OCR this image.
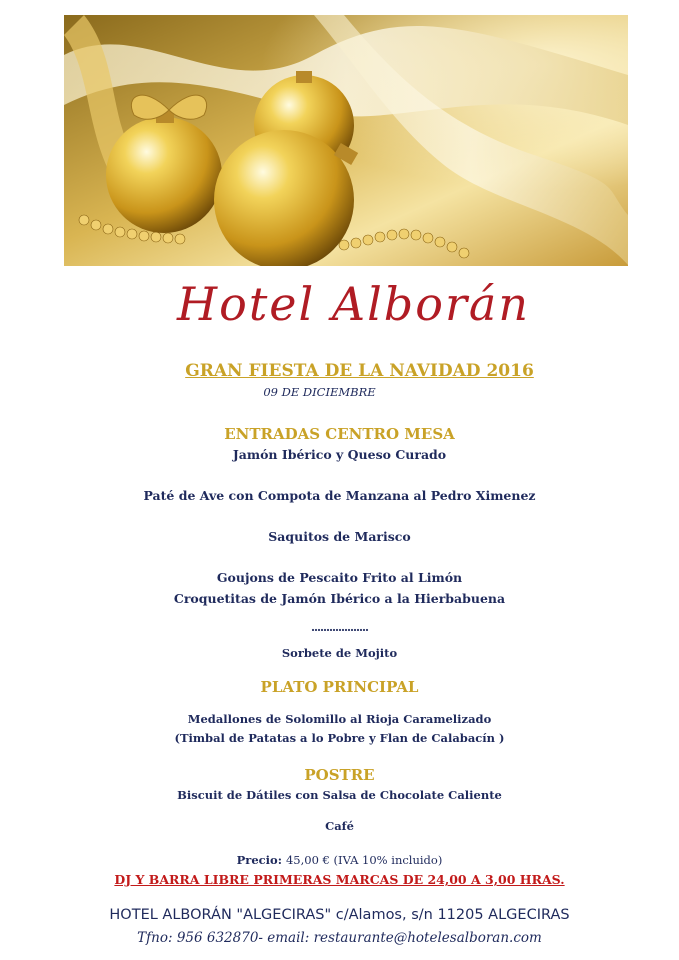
Hotel Alborán
GRAN FIESTA DE LA NAVIDAD 2016
09 DE DICIEMBRE
ENTRADAS CENTRO MESA
Jamón Ibérico y Queso Curado
Paté de Ave con Compota de Manzana al Pedro Ximenez
Saquitos de Marisco
Goujons de Pescaito Frito al Limón
Croquetitas de Jamón Ibérico a la Hierbabuena
...................
Sorbete de Mojito
PLATO PRINCIPAL
Medallones de Solomillo al Rioja Caramelizado
(Timbal de Patatas a lo Pobre y Flan de Calabacín )
POSTRE
Biscuit de Dátiles con Salsa de Chocolate Caliente
Café
Precio: 45,00 € (IVA 10% incluido)
DJ Y BARRA LIBRE PRIMERAS MARCAS DE 24,00 A 3,00 HRAS.
HOTEL ALBORÁN "ALGECIRAS" c/Alamos, s/n 11205 ALGECIRAS
Tfno: 956 632870- email: restaurante@hotelesalboran.com
